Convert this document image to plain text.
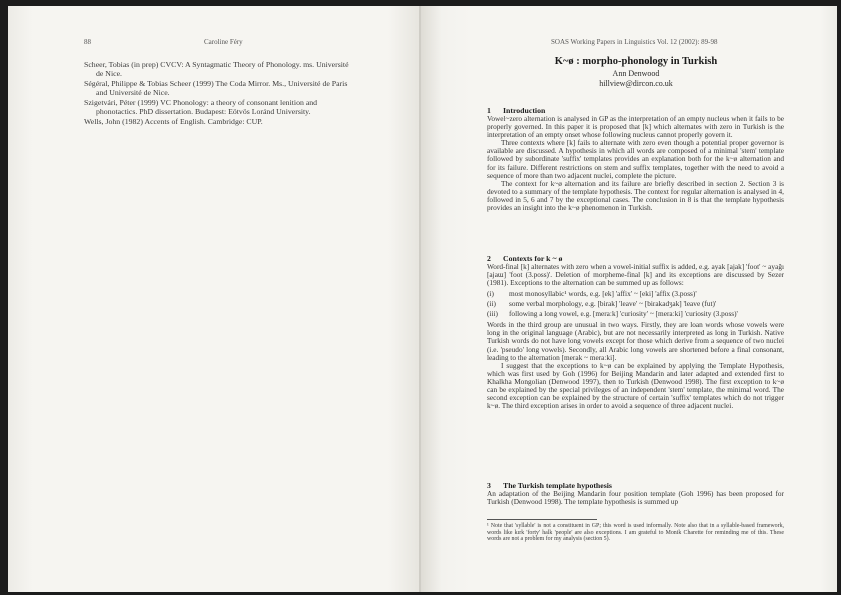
88	Caroline Féry
Scheer, Tobias (in prep) CVCV: A Syntagmatic Theory of Phonology. ms. Université
de Nice.
Ségéral, Philippe & Tobias Scheer (1999) The Coda Mirror. Ms., Université de Paris
and Université de Nice.
Szigetvári, Péter (1999) VC Phonology: a theory of consonant lenition and
phonotactics. PhD dissertation. Budapest: Eötvös Loránd University.
Wells, John (1982) Accents of English. Cambridge: CUP.
SOAS Working Papers in Linguistics Vol. 12 (2002): 89-98
K~ø : morpho-phonology in Turkish
Ann Denwood
hillview@dircon.co.uk
1 Introduction
Vowel~zero alternation is analysed in GP as the interpretation of an empty nucleus when it fails to be properly governed. In this paper it is proposed that [k] which alternates with zero in Turkish is the interpretation of an empty onset whose following nucleus cannot properly govern it.
Three contexts where [k] fails to alternate with zero even though a potential proper governor is available are discussed. A hypothesis in which all words are composed of a minimal 'stem' template followed by subordinate 'suffix' templates provides an explanation both for the k~ø alternation and for its failure. Different restrictions on stem and suffix templates, together with the need to avoid a sequence of more than two adjacent nuclei, complete the picture.
The context for k~ø alternation and its failure are briefly described in section 2. Section 3 is devoted to a summary of the template hypothesis. The context for regular alternation is analysed in 4, followed in 5, 6 and 7 by the exceptional cases. The conclusion in 8 is that the template hypothesis provides an insight into the k~ø phenomenon in Turkish.
2 Contexts for k ~ ø
Word-final [k] alternates with zero when a vowel-initial suffix is added, e.g. ayak [ajak] 'foot' ~ ayağı [ajaɯ] 'foot (3.poss)'. Deletion of morpheme-final [k] and its exceptions are discussed by Sezer (1981). Exceptions to the alternation can be summed up as follows:
(i) most monosyllabic¹ words, e.g. [ek] 'affix' ~ [eki] 'affix (3.poss)'
(ii) some verbal morphology, e.g. [birak] 'leave' ~ [birakadʒak] 'leave (fut)'
(iii) following a long vowel, e.g. [meraːk] 'curiosity' ~ [meraːki] 'curiosity (3.poss)'
Words in the third group are unusual in two ways. Firstly, they are loan words whose vowels were long in the original language (Arabic), but are not necessarily interpreted as long in Turkish. Native Turkish words do not have long vowels except for those which derive from a sequence of two nuclei (i.e. 'pseudo' long vowels). Secondly, all Arabic long vowels are shortened before a final consonant, leading to the alternation [merak ~ meraːki].
I suggest that the exceptions to k~ø can be explained by applying the Template Hypothesis, which was first used by Goh (1996) for Beijing Mandarin and later adapted and extended first to Khalkha Mongolian (Denwood 1997), then to Turkish (Denwood 1998). The first exception to k~ø can be explained by the special privileges of an independent 'stem' template, the minimal word. The second exception can be explained by the structure of certain 'suffix' templates which do not trigger k~ø. The third exception arises in order to avoid a sequence of three adjacent nuclei.
3 The Turkish template hypothesis
An adaptation of the Beijing Mandarin four position template (Goh 1996) has been proposed for Turkish (Denwood 1998). The template hypothesis is summed up
¹ Note that 'syllable' is not a constituent in GP; this word is used informally. Note also that in a syllable-based framework, words like kırk 'forty' halk 'people' are also exceptions. I am grateful to Monik Charette for reminding me of this. These words are not a problem for my analysis (section 5).
